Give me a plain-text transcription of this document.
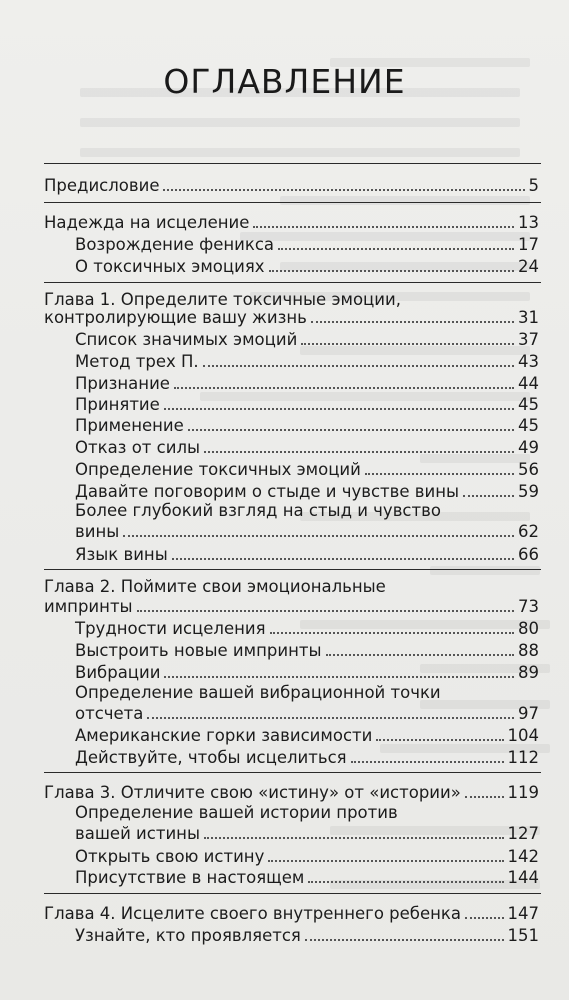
ОГЛАВЛЕНИЕ
Предисловие	5
Надежда на исцеление	13
Возрождение феникса	17
О токсичных эмоциях	24
Глава 1. Определите токсичные эмоции,
контролирующие вашу жизнь	31
Список значимых эмоций	37
Метод трех П.	43
Признание	44
Принятие	45
Применение	45
Отказ от силы	49
Определение токсичных эмоций	56
Давайте поговорим о стыде и чувстве вины	59
Более глубокий взгляд на стыд и чувство
вины	62
Язык вины	66
Глава 2. Поймите свои эмоциональные
импринты	73
Трудности исцеления	80
Выстроить новые импринты	88
Вибрации	89
Определение вашей вибрационной точки
отсчета	97
Американские горки зависимости	104
Действуйте, чтобы исцелиться	112
Глава 3. Отличите свою «истину» от «истории»	119
Определение вашей истории против
вашей истины	127
Открыть свою истину	142
Присутствие в настоящем	144
Глава 4. Исцелите своего внутреннего ребенка	147
Узнайте, кто проявляется	151
